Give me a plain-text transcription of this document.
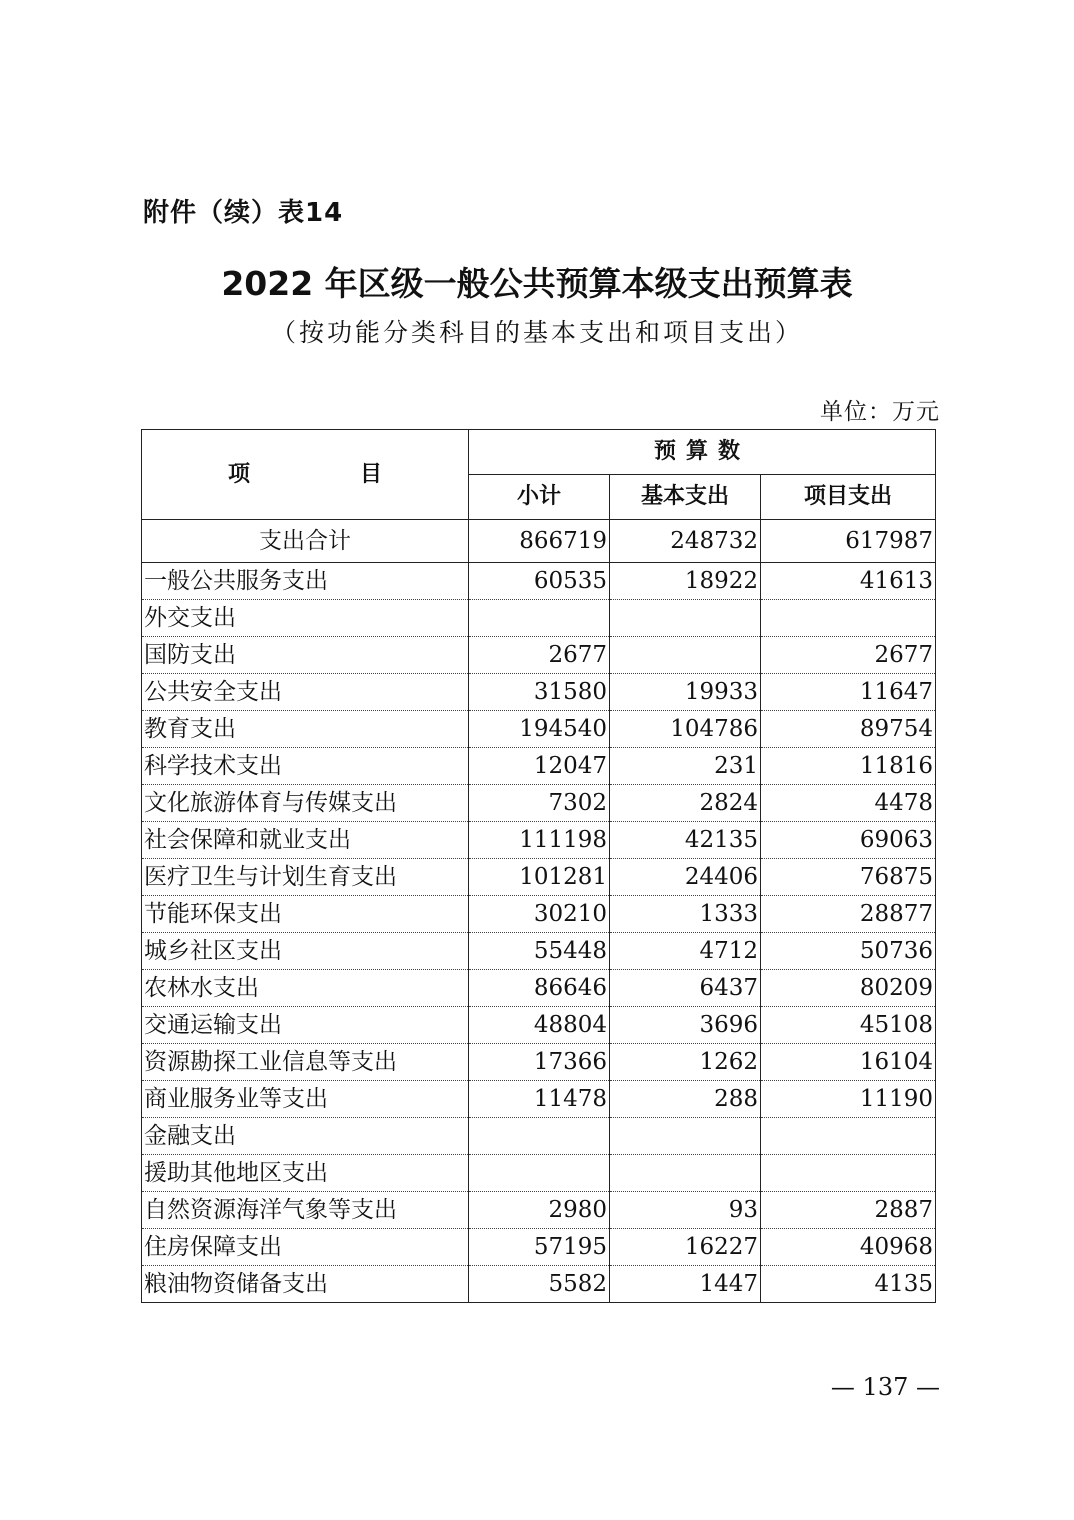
附件（续）表14

2022 年区级一般公共预算本级支出预算表

（按功能分类科目的基本支出和项目支出）

单位：万元

项 目	预算数		
	小计	基本支出	项目支出
支出合计	866719	248732	617987
一般公共服务支出	60535	18922	41613
外交支出			
国防支出	2677		2677
公共安全支出	31580	19933	11647
教育支出	194540	104786	89754
科学技术支出	12047	231	11816
文化旅游体育与传媒支出	7302	2824	4478
社会保障和就业支出	111198	42135	69063
医疗卫生与计划生育支出	101281	24406	76875
节能环保支出	30210	1333	28877
城乡社区支出	55448	4712	50736
农林水支出	86646	6437	80209
交通运输支出	48804	3696	45108
资源勘探工业信息等支出	17366	1262	16104
商业服务业等支出	11478	288	11190
金融支出			
援助其他地区支出			
自然资源海洋气象等支出	2980	93	2887
住房保障支出	57195	16227	40968
粮油物资储备支出	5582	1447	4135

— 137 —
